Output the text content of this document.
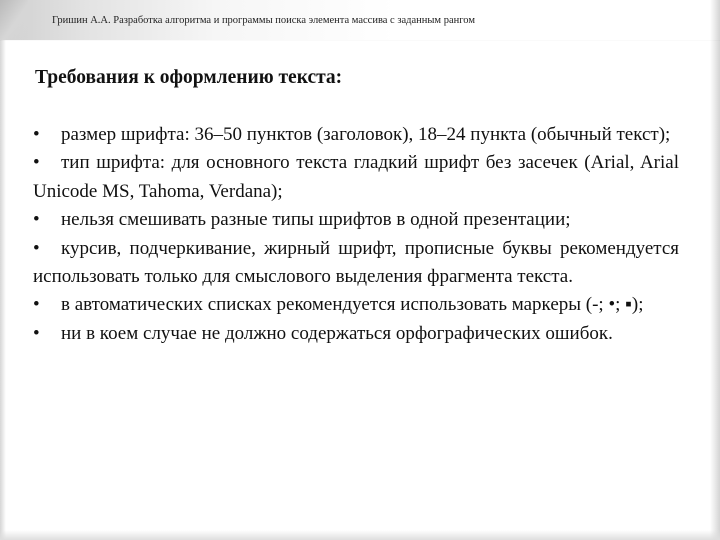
Гришин А.А. Разработка алгоритма и программы поиска элемента массива с заданным рангом
Требования к оформлению текста:

• размер шрифта: 36–50 пунктов (заголовок), 18–24 пункта (обычный текст);

• тип шрифта: для основного текста гладкий шрифт без засечек (Arial, Arial Unicode MS, Tahoma, Verdana);

• нельзя смешивать разные типы шрифтов в одной презентации;

• курсив, подчеркивание, жирный шрифт, прописные буквы рекомендуется использовать только для смыслового выделения фрагмента текста.

• в автоматических списках рекомендуется использовать маркеры (-; •; ▪);

• ни в коем случае не должно содержаться орфографических ошибок.
